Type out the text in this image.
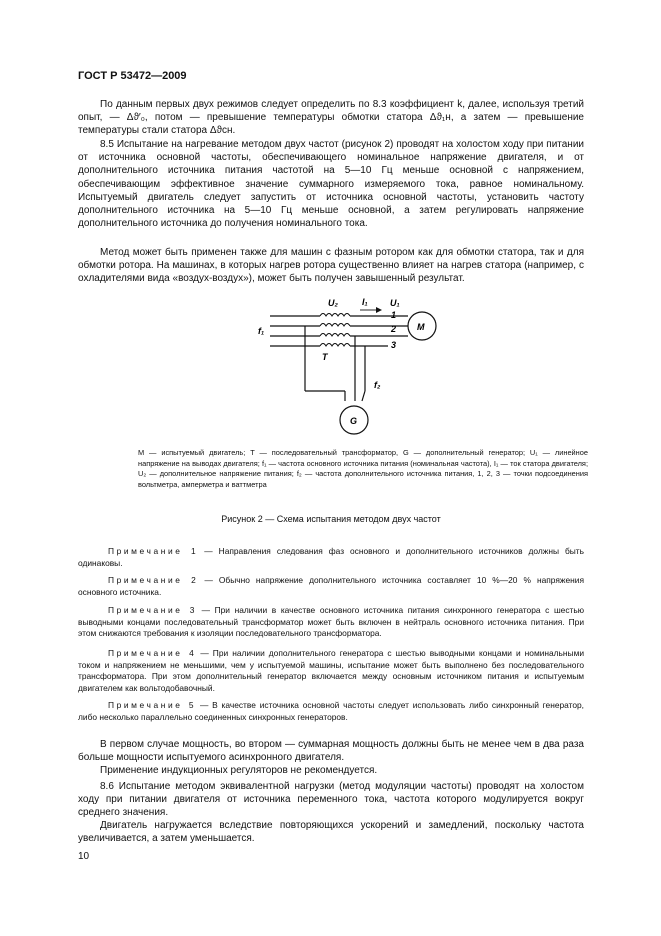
ГОСТ Р 53472—2009

По данным первых двух режимов следует определить по 8.3 коэффициент k, далее, используя третий опыт, — Δϑ′₀, потом — превышение температуры обмотки статора Δϑ₁н, а затем — превышение температуры стали статора Δϑсн.

8.5 Испытание на нагревание методом двух частот (рисунок 2) проводят на холостом ходу при питании от источника основной частоты, обеспечивающего номинальное напряжение двигателя, и от дополнительного источника питания частотой на 5—10 Гц меньше основной с напряжением, обеспечивающим эффективное значение суммарного измеряемого тока, равное номинальному. Испытуемый двигатель следует запустить от источника основной частоты, установить частоту дополнительного источника на 5—10 Гц меньше основной, а затем регулировать напряжение дополнительного источника до получения номинального тока.

Метод может быть применен также для машин с фазным ротором как для обмотки статора, так и для обмотки ротора. На машинах, в которых нагрев ротора существенно влияет на нагрев статора (например, с охладителями вида «воздух-воздух»), может быть получен завышенный результат.

U₂	I₁ U₁
f₁	M
T
1
2
3
f₂
G
M — испытуемый двигатель; T — последовательный трансформатор, G — дополнительный генератор; U₁ — линейное напряжение на выводах двигателя; f₁ — частота основного источника питания (номинальная частота), I₁ — ток статора двигателя; U₂ — дополнительное напряжение питания; f₂ — частота дополнительного источника питания, 1, 2, 3 — точки подсоединения вольтметра, амперметра и ваттметра
Рисунок 2 — Схема испытания методом двух частот

Примечание 1 — Направления следования фаз основного и дополнительного источников должны быть одинаковы.

Примечание 2 — Обычно напряжение дополнительного источника составляет 10 %—20 % напряжения основного источника.

Примечание 3 — При наличии в качестве основного источника питания синхронного генератора с шестью выводными концами последовательный трансформатор может быть включен в нейтраль основного источника питания. При этом снижаются требования к изоляции последовательного трансформатора.

Примечание 4 — При наличии дополнительного генератора с шестью выводными концами и номинальными током и напряжением не меньшими, чем у испытуемой машины, испытание может быть выполнено без последовательного трансформатора. При этом дополнительный генератор включается между основным источником питания и испытуемым двигателем как вольтодобавочный.

Примечание 5 — В качестве источника основной частоты следует использовать либо синхронный генератор, либо несколько параллельно соединенных синхронных генераторов.

В первом случае мощность, во втором — суммарная мощность должны быть не менее чем в два раза больше мощности испытуемого асинхронного двигателя.

Применение индукционных регуляторов не рекомендуется.

8.6 Испытание методом эквивалентной нагрузки (метод модуляции частоты) проводят на холостом ходу при питании двигателя от источника переменного тока, частота которого модулируется вокруг среднего значения.

Двигатель нагружается вследствие повторяющихся ускорений и замедлений, поскольку частота увеличивается, а затем уменьшается.

10
